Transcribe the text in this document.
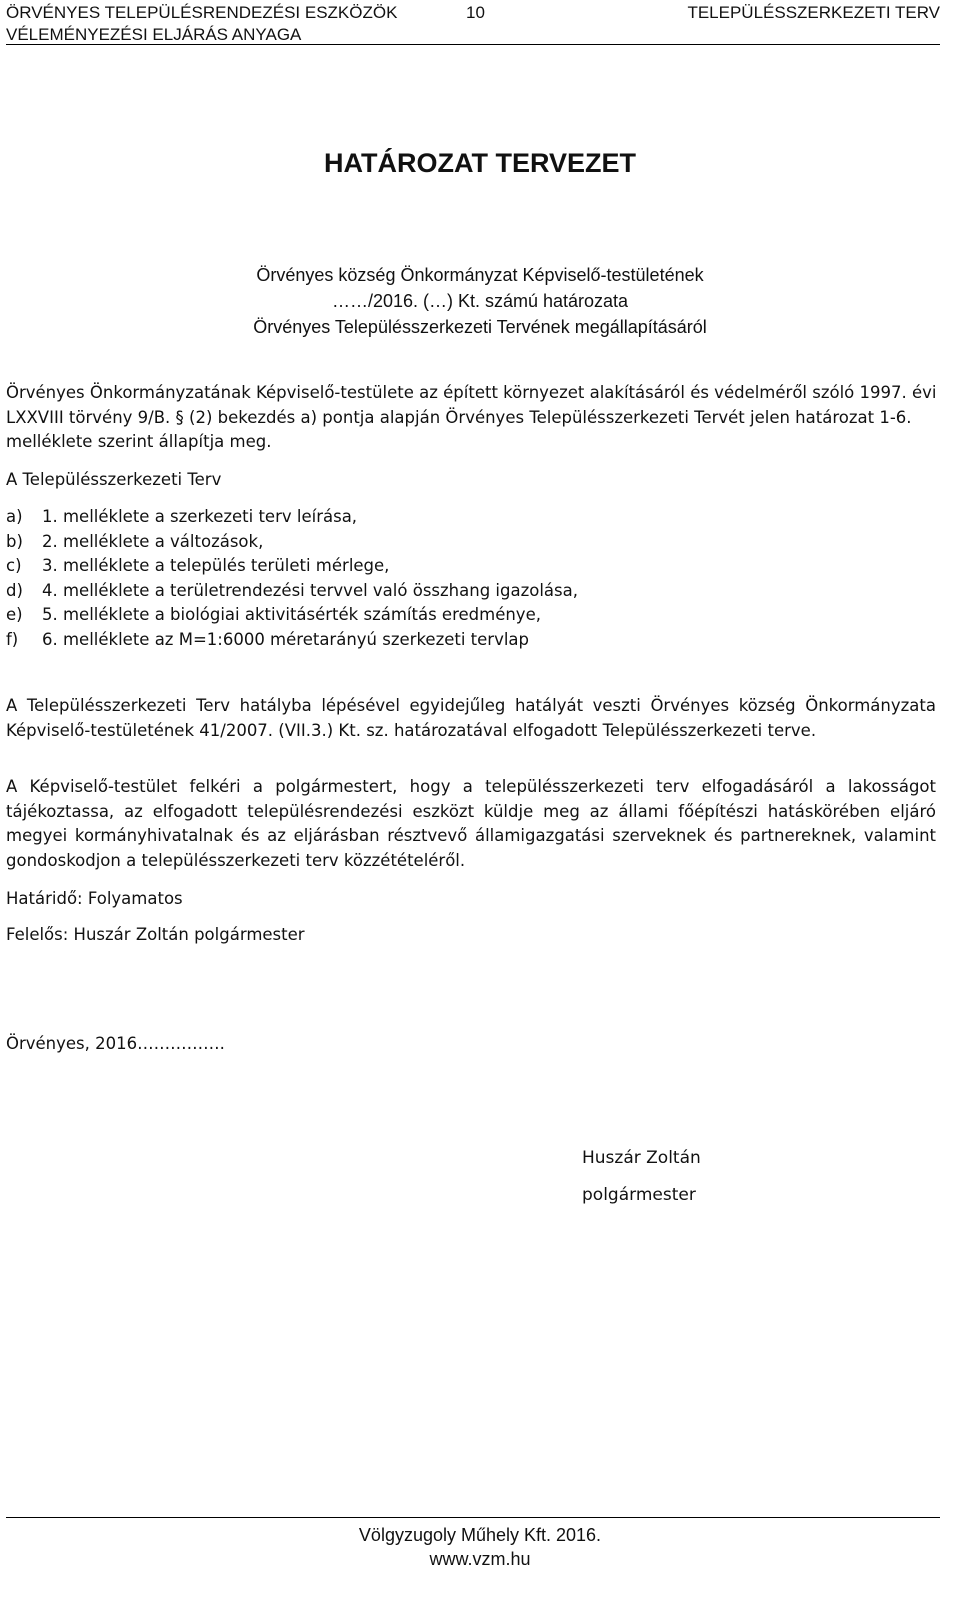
ÖRVÉNYES TELEPÜLÉSRENDEZÉSI ESZKÖZÖK	TELEPÜLÉSSZERKEZETI TERV
10
VÉLEMÉNYEZÉSI ELJÁRÁS ANYAGA
HATÁROZAT TERVEZET
Örvényes község Önkormányzat Képviselő-testületének
……/2016. (…) Kt. számú határozata
Örvényes Településszerkezeti Tervének megállapításáról
Örvényes Önkormányzatának Képviselő-testülete az épített környezet alakításáról és védelméről szóló 1997. évi LXXVIII törvény 9/B. § (2) bekezdés a) pontja alapján Örvényes Településszerkezeti Tervét jelen határozat 1-6. melléklete szerint állapítja meg.
A Településszerkezeti Terv
a)	1. melléklete a szerkezeti terv leírása,
b)	2. melléklete a változások,
c)	3. melléklete a település területi mérlege,
d)	4. melléklete a területrendezési tervvel való összhang igazolása,
e)	5. melléklete a biológiai aktivitásérték számítás eredménye,
f)	6. melléklete az M=1:6000 méretarányú szerkezeti tervlap
A Településszerkezeti Terv hatályba lépésével egyidejűleg hatályát veszti Örvényes község Önkormányzata Képviselő-testületének 41/2007. (VII.3.) Kt. sz. határozatával elfogadott Településszerkezeti terve.
A Képviselő-testület felkéri a polgármestert, hogy a településszerkezeti terv elfogadásáról a lakosságot tájékoztassa, az elfogadott településrendezési eszközt küldje meg az állami főépítészi hatáskörében eljáró megyei kormányhivatalnak és az eljárásban résztvevő államigazgatási szerveknek és partnereknek, valamint gondoskodjon a településszerkezeti terv közzétételéről.
Határidő: Folyamatos
Felelős: Huszár Zoltán polgármester
Örvényes, 2016…………….
Huszár Zoltán
polgármester
Völgyzugoly Műhely Kft. 2016.
www.vzm.hu
